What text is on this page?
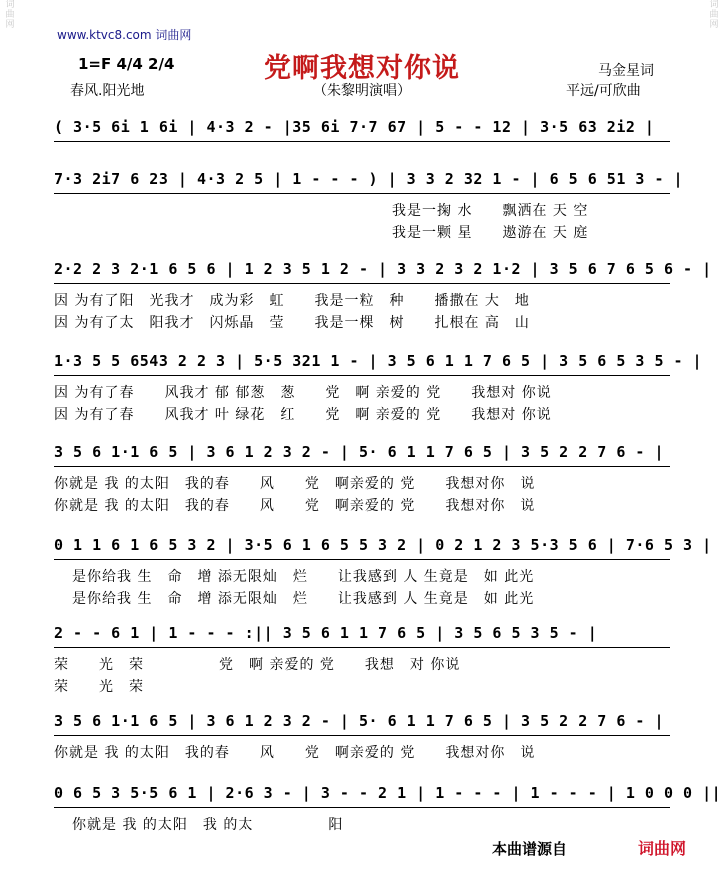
词曲网
词曲网
www.ktvc8.com 词曲网
1=F 4/4 2/4
春风.阳光地
党啊我想对你说
（朱黎明演唱）
马金星词
平远/可欣曲
( 3·5 6i 1 6i | 4·3 2 - |35 6i 7·7 67 | 5 - - 12 | 3·5 63 2i2 |
7·3 2i7 6 23 | 4·3 2 5 | 1 - - - ) | 3 3 2 32 1 - | 6 5 6 51 3 - |
我是一掬 水　　飘洒在 天 空
我是一颗 星　　遨游在 天 庭
2·2 2 3 2·1 6 5 6 | 1 2 3 5 1 2 - | 3 3 2 3 2 1·2 | 3 5 6 7 6 5 6 - |
因 为有了阳　光我才　成为彩　虹　　我是一粒　种　　播撒在 大　地
因 为有了太　阳我才　闪烁晶　莹　　我是一棵　树　　扎根在 高　山
1·3 5 5 6543 2 2 3 | 5·5 321 1 - | 3 5 6 1 1 7 6 5 | 3 5 6 5 3 5 - |
因 为有了春　　风我才 郁 郁葱　葱　　党　啊 亲爱的 党　　我想对 你说
因 为有了春　　风我才 叶 绿花　红　　党　啊 亲爱的 党　　我想对 你说
3 5 6 1·1 6 5 | 3 6 1 2 3 2 - | 5· 6 1 1 7 6 5 | 3 5 2 2 7 6 - |
你就是 我 的太阳　我的春　　风　　党　啊亲爱的 党　　我想对你　说
你就是 我 的太阳　我的春　　风　　党　啊亲爱的 党　　我想对你　说
0 1 1 6 1 6 5 3 2 | 3·5 6 1 6 5 5 3 2 | 0 2 1 2 3 5·3 5 6 | 7·6 5 3 |
是你给我 生　命　增 添无限灿　烂　　让我感到 人 生竟是　如 此光
是你给我 生　命　增 添无限灿　烂　　让我感到 人 生竟是　如 此光
2 - - 6 1 | 1 - - - :|| 3 5 6 1 1 7 6 5 | 3 5 6 5 3 5 - |
荣　　光　荣　　　　　党　啊 亲爱的 党　　我想　对 你说
荣　　光　荣
3 5 6 1·1 6 5 | 3 6 1 2 3 2 - | 5· 6 1 1 7 6 5 | 3 5 2 2 7 6 - |
你就是 我 的太阳　我的春　　风　　党　啊亲爱的 党　　我想对你　说
0 6 5 3 5·5 6 1 | 2·6 3 - | 3 - - 2 1 | 1 - - - | 1 - - - | 1 0 0 0 ||
你就是 我 的太阳　我 的太　　　　　阳
本曲谱源自	词曲网
